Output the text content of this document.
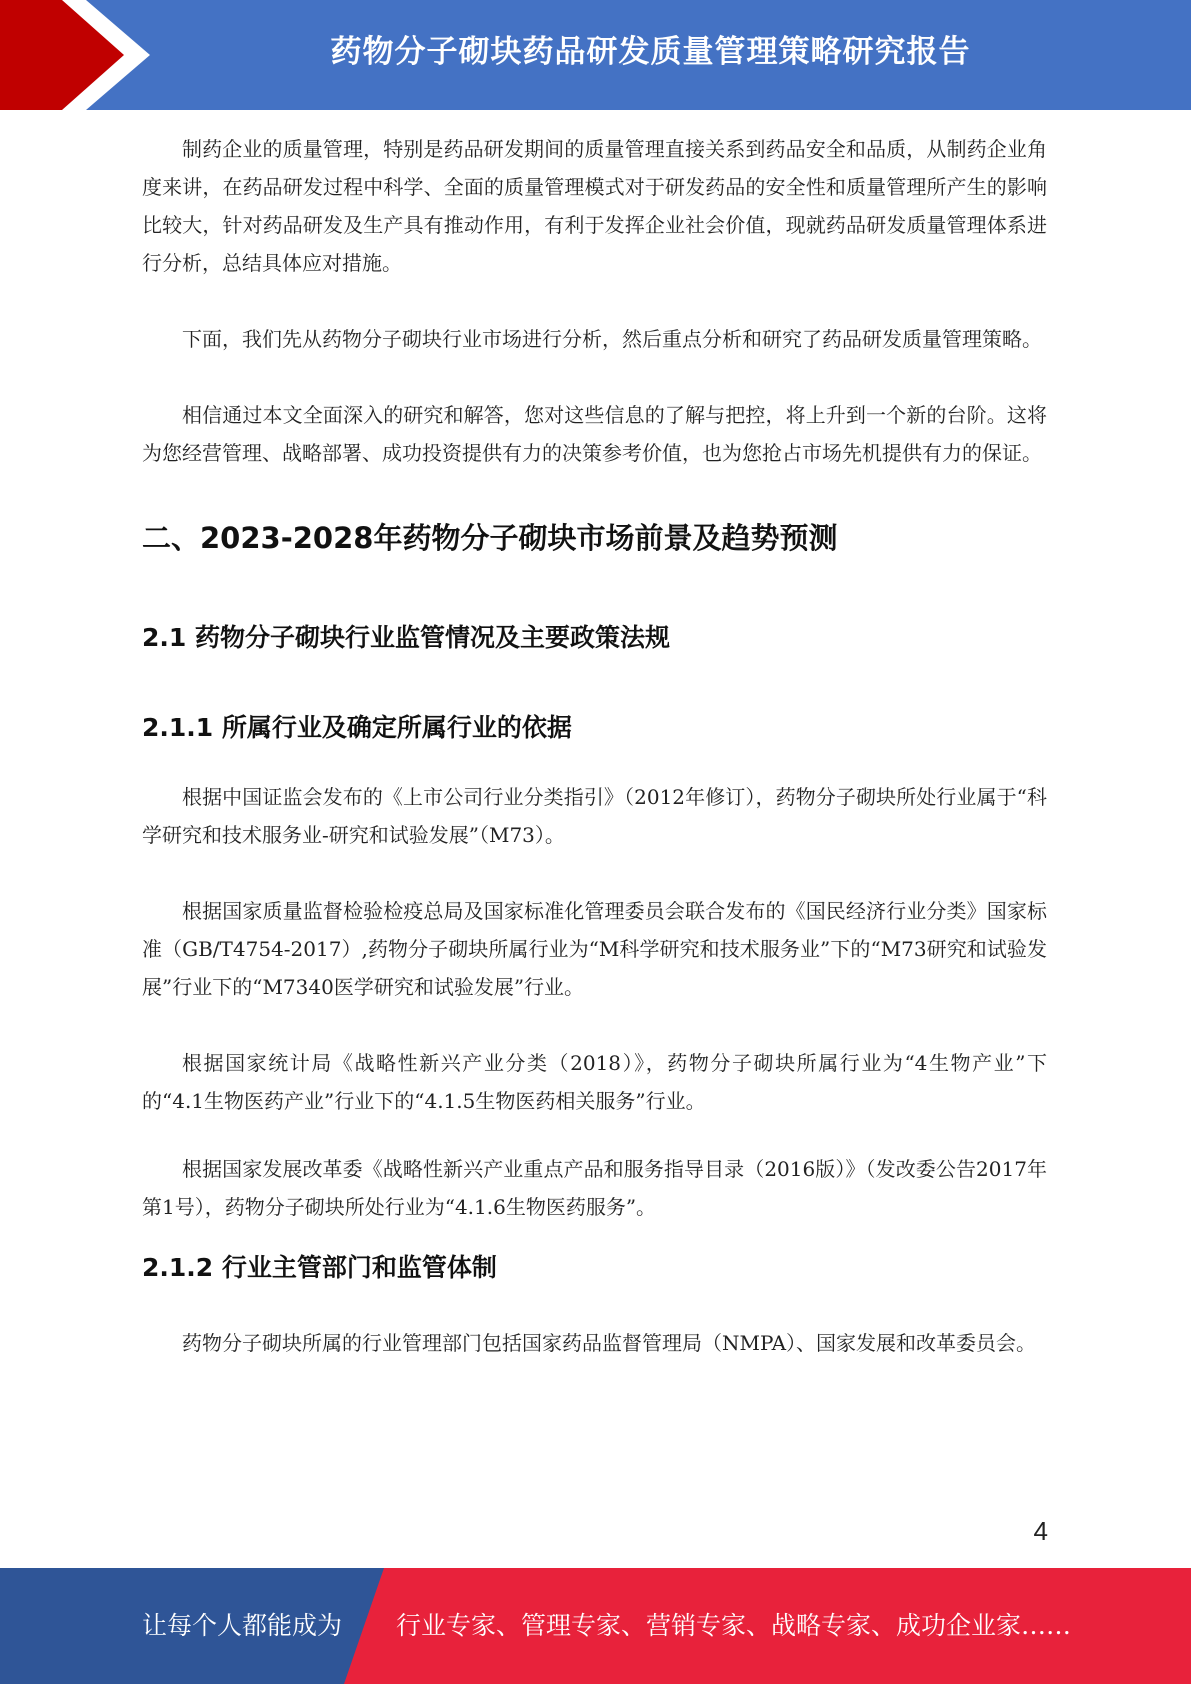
药物分子砌块药品研发质量管理策略研究报告

制药企业的质量管理，特别是药品研发期间的质量管理直接关系到药品安全和品质，从制药企业角度来讲，在药品研发过程中科学、全面的质量管理模式对于研发药品的安全性和质量管理所产生的影响比较大，针对药品研发及生产具有推动作用，有利于发挥企业社会价值，现就药品研发质量管理体系进行分析，总结具体应对措施。

下面，我们先从药物分子砌块行业市场进行分析，然后重点分析和研究了药品研发质量管理策略。

相信通过本文全面深入的研究和解答，您对这些信息的了解与把控，将上升到一个新的台阶。这将为您经营管理、战略部署、成功投资提供有力的决策参考价值，也为您抢占市场先机提供有力的保证。

二、2023-2028年药物分子砌块市场前景及趋势预测
2.1 药物分子砌块行业监管情况及主要政策法规
2.1.1 所属行业及确定所属行业的依据

根据中国证监会发布的《上市公司行业分类指引》（2012年修订），药物分子砌块所处行业属于“科学研究和技术服务业-研究和试验发展”（M73）。

根据国家质量监督检验检疫总局及国家标准化管理委员会联合发布的《国民经济行业分类》国家标准（GB/T4754-2017）,药物分子砌块所属行业为“M科学研究和技术服务业”下的“M73研究和试验发展”行业下的“M7340医学研究和试验发展”行业。

根据国家统计局《战略性新兴产业分类（2018）》，药物分子砌块所属行业为“4生物产业”下的“4.1生物医药产业”行业下的“4.1.5生物医药相关服务”行业。

根据国家发展改革委《战略性新兴产业重点产品和服务指导目录（2016版）》（发改委公告2017年第1号），药物分子砌块所处行业为“4.1.6生物医药服务”。

2.1.2 行业主管部门和监管体制

药物分子砌块所属的行业管理部门包括国家药品监督管理局（NMPA）、国家发展和改革委员会。

4
让每个人都能成为 行业专家、管理专家、营销专家、战略专家、成功企业家……
